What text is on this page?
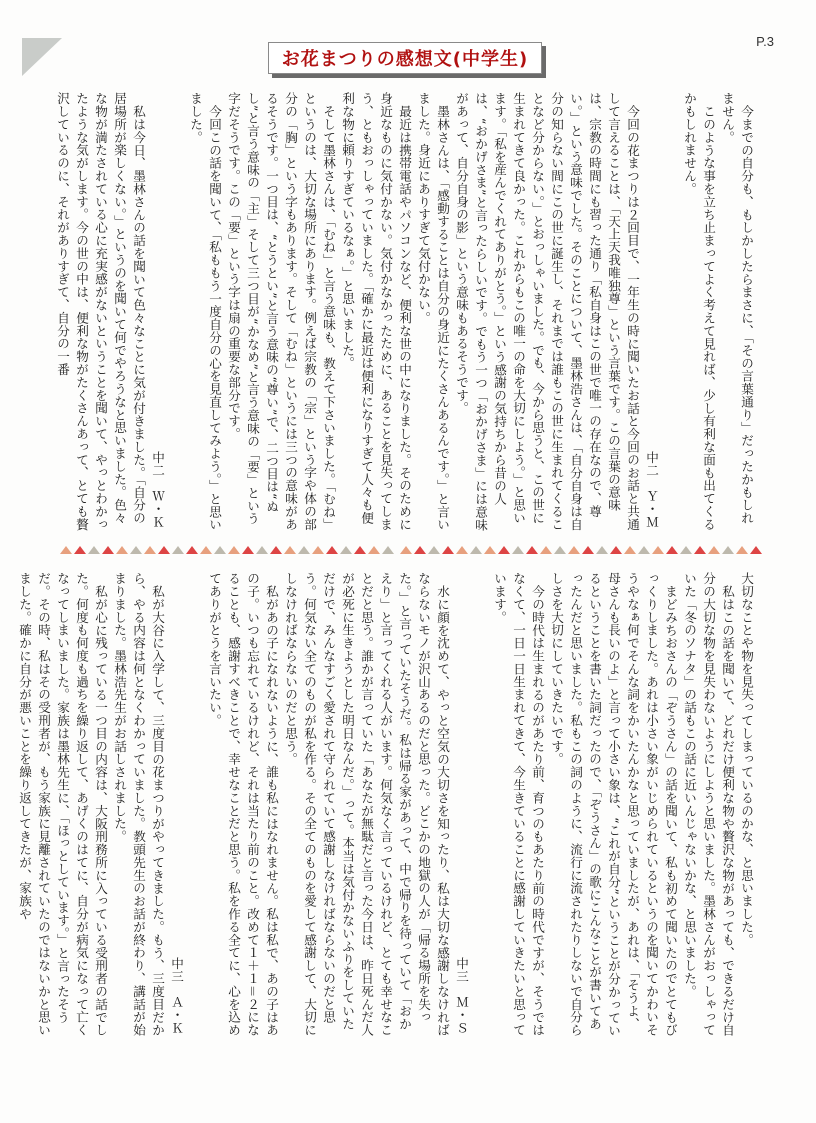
P.3
お花まつりの感想文(中学生)

今までの自分も、もしかしたらまさに、「その言葉通り」だったかもしれません。

このような事を立ち止まってよく考えて見れば、少し有利な面も出てくるかもしれません。

中二　Ｙ・Ｍ

今回の花まつりは２回目で、一年生の時に聞いたお話と今回のお話と共通して言えることは、「天上天我唯独尊」という言葉です。この言葉の意味は、宗教の時間にも習った通り「私自身はこの世で唯一の存在なので、尊い。」という意味でした。そのことについて、墨林浩さんは、「自分自身は自分の知らない間にこの世に誕生し、それまでは誰もこの世に生まれてくることなど分からない。」とおっしゃいました。でも、今から思うと、この世に生まれてきて良かった。これからもこの唯一の命を大切にしよう。」と思います。「私を産んでくれてありがとう。」という感謝の気持ちから昔の人は、“おかげさま”と言ったらしいです。でもう一つ「おかげさま」には意味があって、自分自身の影」という意味もあるそうです。

墨林さんは、「感動することは自分の身近にたくさんあるんです。」と言いました。身近にありすぎて気付かない。

最近は携帯電話やパソコンなど、便利な世の中になりました。そのために身近なものに気付かない。気付かなかったために、あることを見失ってしまう、ともおっしゃっていました。「確かに最近は便利になりすぎて人々も便利な物に頼りすぎているなぁ。」と思いました。

そして墨林さんは、「むね」と言う意味も、教えて下さいました。「むね」というのは、大切な場所にあります。例えば宗教の「宗」という字や体の部分の「胸」という字もあります。そして「むね」というには三つの意味があるそうです。一つ目は、“とうとい”と言う意味の“尊い”で、二つ目は“ぬし”と言う意味の「主」そして三つ目が“かなめ”と言う意味の「要」という字だそうです。この「要」という字は扇の重要な部分です。

今回この話を聞いて、「私ももう一度自分の心を見直してみよう。」と思いました。

中二　Ｗ・Ｋ

私は今日、墨林さんの話を聞いて色々なことに気が付きました。「自分の居場所が楽しくない。」というのを聞いて何でやろうなと思いました。色々な物が満たされている心に充実感がないということを聞いて、やっとわかったような気がします。今の世の中は、便利な物がたくさんあって、とても贅沢しているのに、それがありすぎて、自分の一番

大切なことや物を見失ってしまっているのかな、と思いました。

私はこの話を聞いて、どれだけ便利な物や贅沢な物があっても、できるだけ自分の大切な物を見失わないようにしようと思いました。墨林さんがおっしゃっていた「冬のソナタ」の話もこの話に近いんじゃないかな、と思いました。

まどみちおさんの「ぞうさん」の話を聞いて、私も初めて聞いたのでとてもびっくりしました。あれは小さい象がいじめられているというのを聞いてかわいそうやなぁ何でそんな詞をかいたんかなと思っていましたが、あれは、「そうよ、母さんも長いのよ」と言って小さい象は、“これが自分”ということが分かっているということを書いた詞だったので、「ぞうさん」の歌にこんなことが書いてあったんだと思いました。私もこの詞のように、流行に流されたりしないで自分らしさを大切にしていきたいです。

今の時代は生まれるのがあたり前、育つのもあたり前の時代ですが、そうではなくて、一日一日生まれてきて、今生きていることに感謝していきたいと思っています。

中三　Ｍ・Ｓ

水に顔を沈めて、やっと空気の大切さを知ったり、私は大切な感謝しなければならないモノが沢山あるのだと思った。どこかの地獄の人が「帰る場所を失った。」と言っていたそうだ。私は帰る家があって、中で帰りを待っていて「おかえり」と言ってくれる人がいます。何気なく言っているけれど、とても幸せなことだと思う。誰かが言っていた「あなたが無駄だと言った今日は、昨日死んだ人が必死に生きようとした明日なんだ。」って。本当は気付かないふりをしていただけで、みんなすごく愛されて守られていて感謝しなければならないのだと思う。何気ない全てのものが私を作る。その全てのものを愛して感謝して、大切にしなければならないのだと思う。

私があの子になれないように、誰も私にはなれません。私は私で、あの子はあの子。いつも忘れているけれど、それは当たり前のこと。改めて１＋１＝２になることも、感謝すべきことで、幸せなことだと思う。私を作る全てに、心を込めてありがとうを言いたい。

中三　Ａ・Ｋ

私が大谷に入学して、三度目の花まつりがやってきました。もう、三度目だから、やる内容は何となくわかっていました。教頭先生のお話が終わり、講話が始まりました。墨林浩先生がお話しされました。

私が心に残っている一つ目の内容は、大阪刑務所に入っている受刑者の話でした。何度も何度も過ちを繰り返して、あげくのはてに、自分が病気になって亡くなってしまいました。家族は墨林先生に、「ほっとしています。」と言ったそうだ。その時、私はその受刑者が、もう家族に見離されていたのではないかと思いました。確かに自分が悪いことを繰り返してきたが、家族や
